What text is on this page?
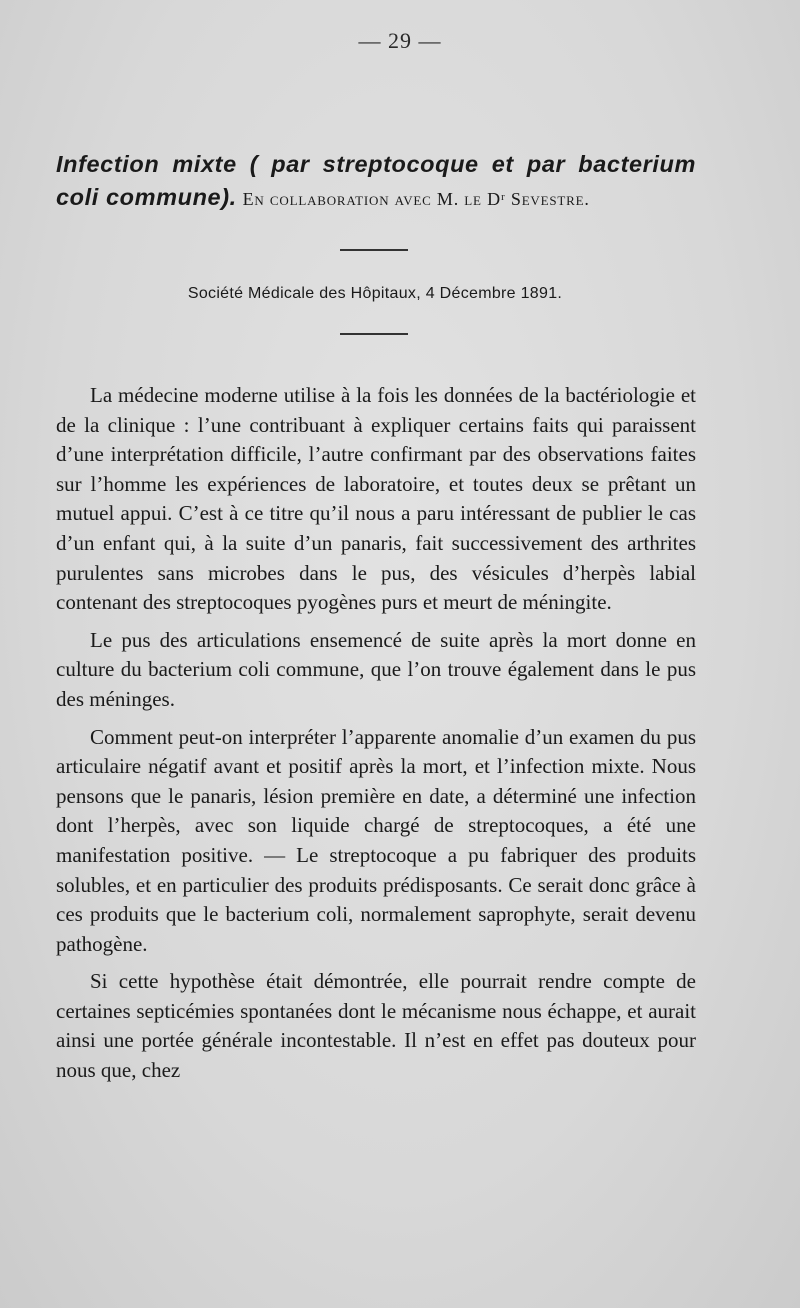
— 29 —
Infection mixte ( par streptocoque et par bacterium coli commune). En collaboration avec M. le Dʳ Sevestre.
Société Médicale des Hôpitaux, 4 Décembre 1891.

La médecine moderne utilise à la fois les données de la bactériologie et de la clinique : l’une contribuant à expliquer certains faits qui paraissent d’une interprétation difficile, l’autre confirmant par des observations faites sur l’homme les expériences de laboratoire, et toutes deux se prêtant un mutuel appui. C’est à ce titre qu’il nous a paru intéressant de publier le cas d’un enfant qui, à la suite d’un panaris, fait successivement des arthrites purulentes sans microbes dans le pus, des vésicules d’herpès labial contenant des streptocoques pyogènes purs et meurt de méningite.

Le pus des articulations ensemencé de suite après la mort donne en culture du bacterium coli commune, que l’on trouve également dans le pus des méninges.

Comment peut-on interpréter l’apparente anomalie d’un examen du pus articulaire négatif avant et positif après la mort, et l’infection mixte. Nous pensons que le panaris, lésion première en date, a déterminé une infection dont l’herpès, avec son liquide chargé de streptocoques, a été une manifestation positive. — Le streptocoque a pu fabriquer des produits solubles, et en particulier des produits prédisposants. Ce serait donc grâce à ces produits que le bacterium coli, normalement saprophyte, serait devenu pathogène.

Si cette hypothèse était démontrée, elle pourrait rendre compte de certaines septicémies spontanées dont le mécanisme nous échappe, et aurait ainsi une portée générale incontestable. Il n’est en effet pas douteux pour nous que, chez
